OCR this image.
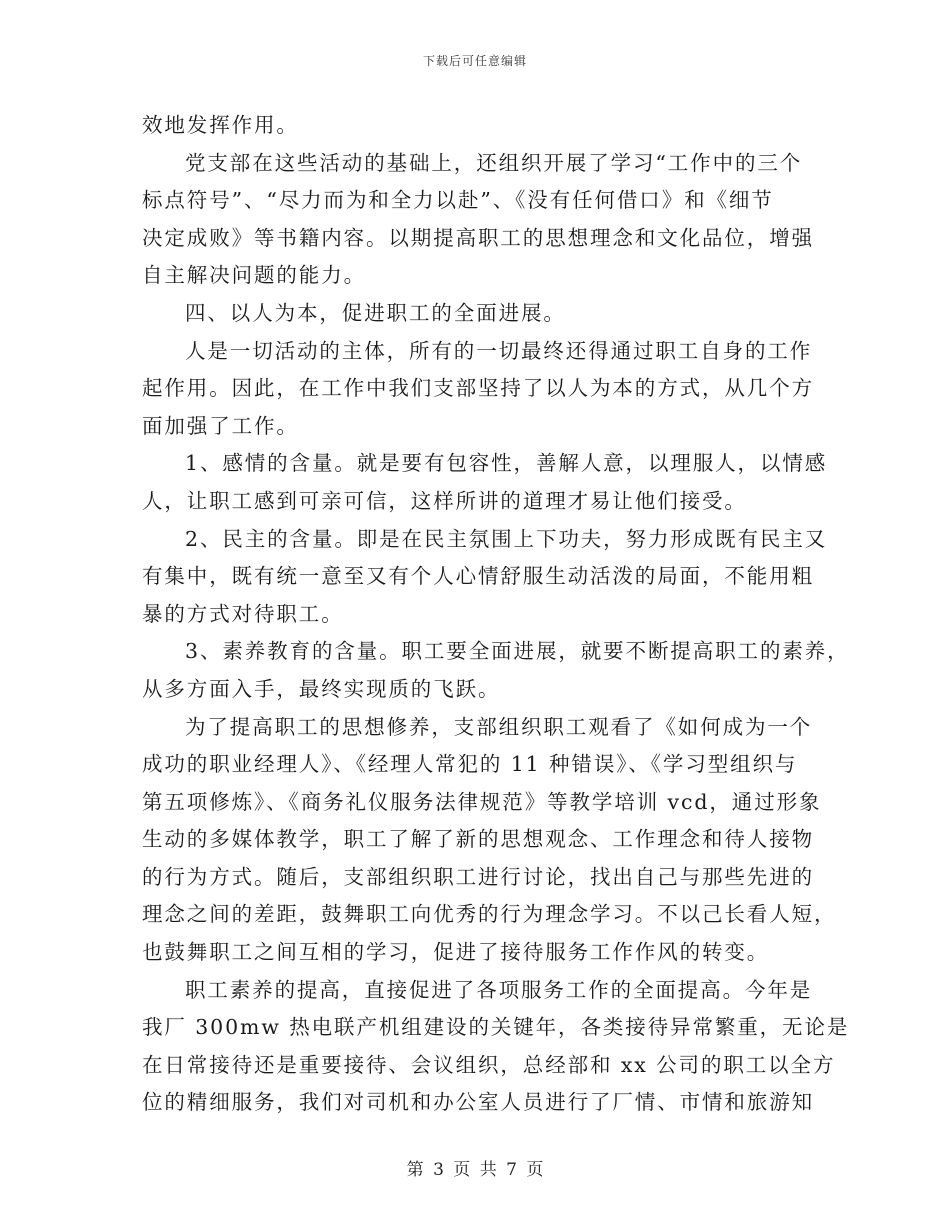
下载后可任意编辑
效地发挥作用。
党支部在这些活动的基础上，还组织开展了学习“工作中的三个
标点符号”、“尽力而为和全力以赴”、《没有任何借口》和《细节
决定成败》等书籍内容。以期提高职工的思想理念和文化品位，增强
自主解决问题的能力。
四、以人为本，促进职工的全面进展。
人是一切活动的主体，所有的一切最终还得通过职工自身的工作
起作用。因此，在工作中我们支部坚持了以人为本的方式，从几个方
面加强了工作。
1、感情的含量。就是要有包容性，善解人意，以理服人，以情感
人，让职工感到可亲可信，这样所讲的道理才易让他们接受。
2、民主的含量。即是在民主氛围上下功夫，努力形成既有民主又
有集中，既有统一意至又有个人心情舒服生动活泼的局面，不能用粗
暴的方式对待职工。
3、素养教育的含量。职工要全面进展，就要不断提高职工的素养，
从多方面入手，最终实现质的飞跃。
为了提高职工的思想修养，支部组织职工观看了《如何成为一个
成功的职业经理人》、《经理人常犯的 11 种错误》、《学习型组织与
第五项修炼》、《商务礼仪服务法律规范》等教学培训 vcd，通过形象
生动的多媒体教学，职工了解了新的思想观念、工作理念和待人接物
的行为方式。随后，支部组织职工进行讨论，找出自己与那些先进的
理念之间的差距，鼓舞职工向优秀的行为理念学习。不以己长看人短，
也鼓舞职工之间互相的学习，促进了接待服务工作作风的转变。
职工素养的提高，直接促进了各项服务工作的全面提高。今年是
我厂 300mw 热电联产机组建设的关键年，各类接待异常繁重，无论是
在日常接待还是重要接待、会议组织，总经部和 xx 公司的职工以全方
位的精细服务，我们对司机和办公室人员进行了厂情、市情和旅游知
第 3 页 共 7 页
